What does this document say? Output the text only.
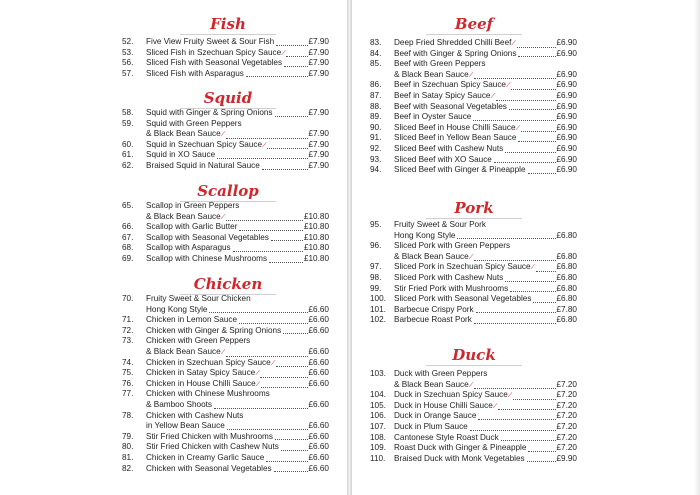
Fish
52. Five View Fruity Sweet & Sour Fish	£7.90
53. Sliced Fish in Szechuan Spicy Sauce ∕	£7.90
56. Sliced Fish with Seasonal Vegetables	£7.90
57. Sliced Fish with Asparagus	£7.90
Squid
58. Squid with Ginger & Spring Onions	£7.90
59. Squid with Green Peppers
& Black Bean Sauce ∕	£7.90
60. Squid in Szechuan Spicy Sauce ∕	£7.90
61. Squid in XO Sauce	£7.90
62. Braised Squid in Natural Sauce	£7.90
Scallop
65. Scallop in Green Peppers
& Black Bean Sauce ∕	£10.80
66. Scallop with Garlic Butter	£10.80
67. Scallop with Seasonal Vegetables	£10.80
68. Scallop with Asparagus	£10.80
69. Scallop with Chinese Mushrooms	£10.80
Chicken
70. Fruity Sweet & Sour Chicken
Hong Kong Style	£6.60
71. Chicken in Lemon Sauce	£6.60
72. Chicken with Ginger & Spring Onions	£6.60
73. Chicken with Green Peppers
& Black Bean Sauce ∕	£6.60
74. Chicken in Szechuan Spicy Sauce ∕	£6.60
75. Chicken in Satay Spicy Sauce ∕	£6.60
76. Chicken in House Chilli Sauce ∕	£6.60
77. Chicken with Chinese Mushrooms
& Bamboo Shoots	£6.60
78. Chicken with Cashew Nuts
in Yellow Bean Sauce	£6.60
79. Stir Fried Chicken with Mushrooms	£6.60
80. Stir Fried Chicken with Cashew Nuts	£6.60
81. Chicken in Creamy Garlic Sauce	£6.60
82. Chicken with Seasonal Vegetables	£6.60
Beef
83. Deep Fried Shredded Chilli Beef ∕	£6.90
84. Beef with Ginger & Spring Onions	£6.90
85. Beef with Green Peppers
& Black Bean Sauce ∕	£6.90
86. Beef in Szechuan Spicy Sauce ∕	£6.90
87. Beef in Satay Spicy Sauce ∕	£6.90
88. Beef with Seasonal Vegetables	£6.90
89. Beef in Oyster Sauce	£6.90
90. Sliced Beef in House Chilli Sauce ∕	£6.90
91. Sliced Beef in Yellow Bean Sauce	£6.90
92. Sliced Beef with Cashew Nuts	£6.90
93. Sliced Beef with XO Sauce	£6.90
94. Sliced Beef with Ginger & Pineapple	£6.90
Pork
95. Fruity Sweet & Sour Pork
Hong Kong Style	£6.80
96. Sliced Pork with Green Peppers
& Black Bean Sauce ∕	£6.80
97. Sliced Pork in Szechuan Spicy Sauce ∕	£6.80
98. Sliced Pork with Cashew Nuts	£6.80
99. Stir Fried Pork with Mushrooms	£6.80
100. Sliced Pork with Seasonal Vegetables	£6.80
101. Barbecue Crispy Pork	£7.80
102. Barbecue Roast Pork	£6.80
Duck
103. Duck with Green Peppers
& Black Bean Sauce ∕	£7.20
104. Duck in Szechuan Spicy Sauce ∕	£7.20
105. Duck in House Chilli Sauce ∕	£7.20
106. Duck in Orange Sauce	£7.20
107. Duck in Plum Sauce	£7.20
108. Cantonese Style Roast Duck	£7.20
109. Roast Duck with Ginger & Pineapple	£7.20
110. Braised Duck with Monk Vegetables	£9.90
